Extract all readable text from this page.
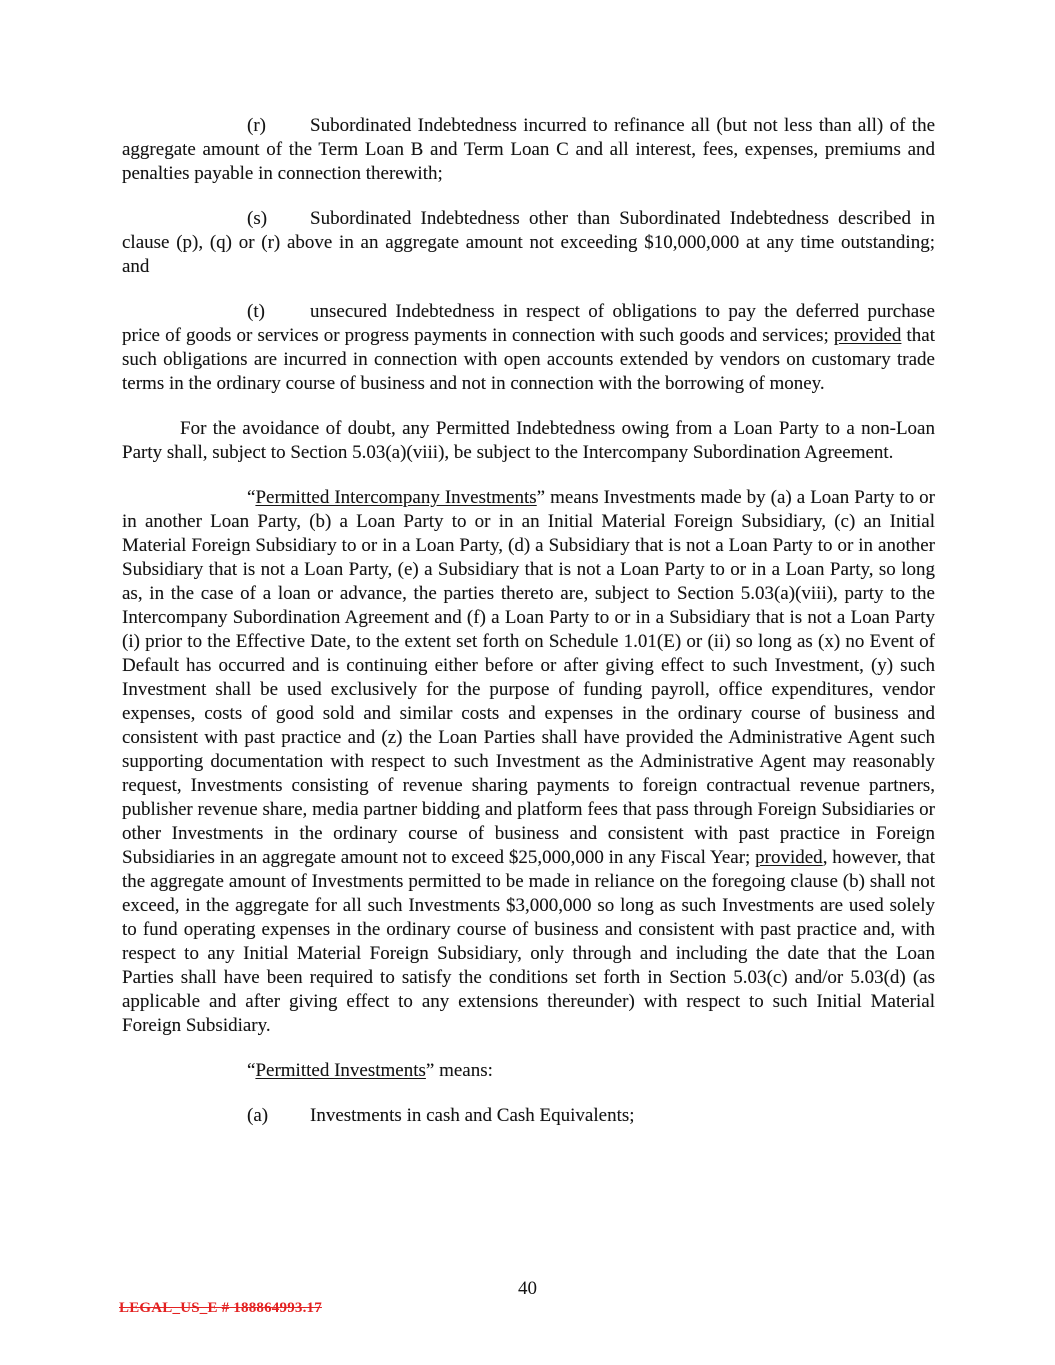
(r) Subordinated Indebtedness incurred to refinance all (but not less than all) of the aggregate amount of the Term Loan B and Term Loan C and all interest, fees, expenses, premiums and penalties payable in connection therewith;

(s) Subordinated Indebtedness other than Subordinated Indebtedness described in clause (p), (q) or (r) above in an aggregate amount not exceeding $10,000,000 at any time outstanding; and

(t) unsecured Indebtedness in respect of obligations to pay the deferred purchase price of goods or services or progress payments in connection with such goods and services; provided that such obligations are incurred in connection with open accounts extended by vendors on customary trade terms in the ordinary course of business and not in connection with the borrowing of money.

For the avoidance of doubt, any Permitted Indebtedness owing from a Loan Party to a non-Loan Party shall, subject to Section 5.03(a)(viii), be subject to the Intercompany Subordination Agreement.

“Permitted Intercompany Investments” means Investments made by (a) a Loan Party to or in another Loan Party, (b) a Loan Party to or in an Initial Material Foreign Subsidiary, (c) an Initial Material Foreign Subsidiary to or in a Loan Party, (d) a Subsidiary that is not a Loan Party to or in another Subsidiary that is not a Loan Party, (e) a Subsidiary that is not a Loan Party to or in a Loan Party, so long as, in the case of a loan or advance, the parties thereto are, subject to Section 5.03(a)(viii), party to the Intercompany Subordination Agreement and (f) a Loan Party to or in a Subsidiary that is not a Loan Party (i) prior to the Effective Date, to the extent set forth on Schedule 1.01(E) or (ii) so long as (x) no Event of Default has occurred and is continuing either before or after giving effect to such Investment, (y) such Investment shall be used exclusively for the purpose of funding payroll, office expenditures, vendor expenses, costs of good sold and similar costs and expenses in the ordinary course of business and consistent with past practice and (z) the Loan Parties shall have provided the Administrative Agent such supporting documentation with respect to such Investment as the Administrative Agent may reasonably request, Investments consisting of revenue sharing payments to foreign contractual revenue partners, publisher revenue share, media partner bidding and platform fees that pass through Foreign Subsidiaries or other Investments in the ordinary course of business and consistent with past practice in Foreign Subsidiaries in an aggregate amount not to exceed $25,000,000 in any Fiscal Year; provided, however, that the aggregate amount of Investments permitted to be made in reliance on the foregoing clause (b) shall not exceed, in the aggregate for all such Investments $3,000,000 so long as such Investments are used solely to fund operating expenses in the ordinary course of business and consistent with past practice and, with respect to any Initial Material Foreign Subsidiary, only through and including the date that the Loan Parties shall have been required to satisfy the conditions set forth in Section 5.03(c) and/or 5.03(d) (as applicable and after giving effect to any extensions thereunder) with respect to such Initial Material Foreign Subsidiary.

“Permitted Investments” means:

(a) Investments in cash and Cash Equivalents;

40
LEGAL_US_E # 188864993.17
